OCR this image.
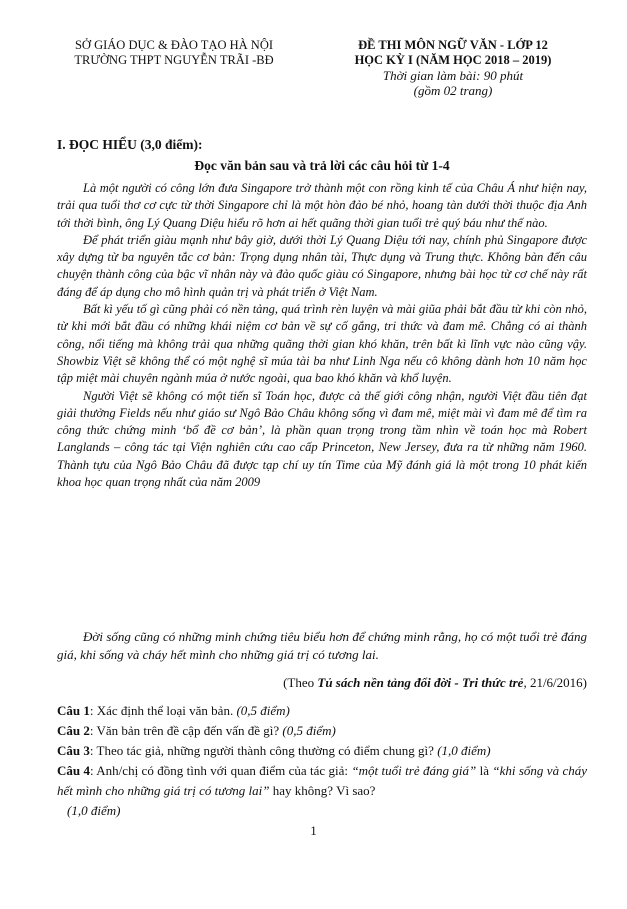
SỞ GIÁO DỤC & ĐÀO TẠO HÀ NỘI
TRƯỜNG THPT NGUYỄN TRÃI -BĐ
ĐỀ THI MÔN NGỮ VĂN - LỚP 12
HỌC KỲ I (NĂM HỌC 2018 – 2019)
Thời gian làm bài: 90 phút
(gồm 02 trang)
I. ĐỌC HIỂU (3,0 điểm):
Đọc văn bản sau và trả lời các câu hỏi từ 1-4

Là một người có công lớn đưa Singapore trở thành một con rồng kinh tế của Châu Á như hiện nay, trải qua tuổi thơ cơ cực từ thời Singapore chỉ là một hòn đảo bé nhỏ, hoang tàn dưới thời thuộc địa Anh tới thời bình, ông Lý Quang Diệu hiểu rõ hơn ai hết quãng thời gian tuổi trẻ quý báu như thế nào.

Để phát triển giàu mạnh như bây giờ, dưới thời Lý Quang Diệu tới nay, chính phủ Singapore được xây dựng từ ba nguyên tắc cơ bản: Trọng dụng nhân tài, Thực dụng và Trung thực. Không bàn đến câu chuyện thành công của bậc vĩ nhân này và đảo quốc giàu có Singapore, nhưng bài học từ cơ chế này rất đáng để áp dụng cho mô hình quản trị và phát triển ở Việt Nam.

Bất kì yếu tố gì cũng phải có nền tảng, quá trình rèn luyện và mài giũa phải bắt đầu từ khi còn nhỏ, từ khi mới bắt đầu có những khái niệm cơ bản về sự cố gắng, tri thức và đam mê. Chẳng có ai thành công, nổi tiếng mà không trải qua những quãng thời gian khó khăn, trên bất kì lĩnh vực nào cũng vậy. Showbiz Việt sẽ không thể có một nghệ sĩ múa tài ba như Linh Nga nếu cô không dành hơn 10 năm học tập miệt mài chuyên ngành múa ở nước ngoài, qua bao khó khăn và khổ luyện.

Người Việt sẽ không có một tiến sĩ Toán học, được cả thế giới công nhận, người Việt đầu tiên đạt giải thưởng Fields nếu như giáo sư Ngô Bảo Châu không sống vì đam mê, miệt mài vì đam mê để tìm ra công thức chứng minh ‘bổ đề cơ bản’, là phần quan trọng trong tầm nhìn về toán học mà Robert Langlands – công tác tại Viện nghiên cứu cao cấp Princeton, New Jersey, đưa ra từ những năm 1960. Thành tựu của Ngô Bảo Châu đã được tạp chí uy tín Time của Mỹ đánh giá là một trong 10 phát kiến khoa học quan trọng nhất của năm 2009

Đời sống cũng có những minh chứng tiêu biểu hơn để chứng minh rằng, họ có một tuổi trẻ đáng giá, khi sống và cháy hết mình cho những giá trị có tương lai.

(Theo Tủ sách nền tảng đổi đời - Tri thức trẻ, 21/6/2016)

Câu 1: Xác định thể loại văn bản. (0,5 điểm)

Câu 2: Văn bản trên đề cập đến vấn đề gì? (0,5 điểm)

Câu 3: Theo tác giả, những người thành công thường có điểm chung gì? (1,0 điểm)

Câu 4: Anh/chị có đồng tình với quan điểm của tác giả: “một tuổi trẻ đáng giá” là “khi sống và cháy hết mình cho những giá trị có tương lai” hay không? Vì sao?

(1,0 điểm)
1
